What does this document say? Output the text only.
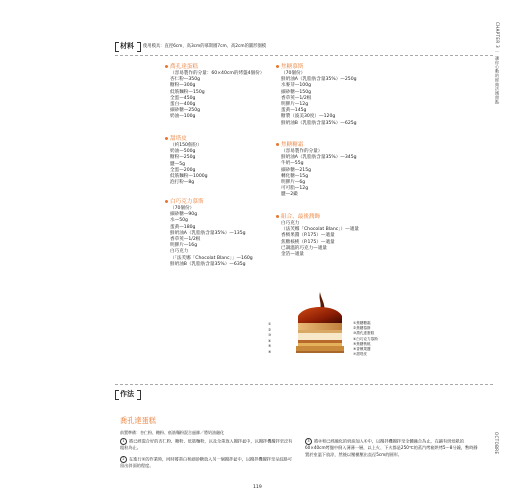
材料 使用模具：直徑6cm、高3cm的慕斯圈7cm、高2cm的圓形圈模	CHAPTER 3 ｜ 讓你心動的經典法國甜點
OCTOBRE
喬孔達蛋糕
（容易製作的分量：60×40cm的烤盤4個份）
杏仁粉—350g
糖粉—300g
低筋麵粉—150g
全蛋—450g
蛋白—400g
細砂糖—250g
奶油—100g
甜塔皮
（約150個份）
奶油—500g
糖粉—250g
鹽—5g
全蛋—200g
低筋麵粉—1000g
泡打粉—8g
白巧克力慕斯
（70個份）
細砂糖—90g
水—50g
蛋黃—180g
鮮奶油A（乳脂肪含量35%）—135g
香草莢—1/2根
明膠片—16g
白巧克力
（「法芙娜「Chocolat Blanc」」—160g
鮮奶油B（乳脂肪含量35%）—635g
焦糖慕斯
（70個份）
鮮奶油A（乳脂肪含量35%）—250g
水麥芽—100g
細砂糖—150g
香草莢—1/2根
明膠片—12g
蛋黃—145g
糖漿（波美30度）—120g
鮮奶油B（乳脂肪含量35%）—625g
焦糖糖霜
（容易製作的分量）
鮮奶油A（乳脂肪含量35%）—345g
牛奶—55g
細砂糖—215g
轉化糖—15g
明膠片—6g
可可脂—12g
鹽—2撮
組合、最後潤飾
白巧克力
（法芙娜「Chocolat Blanc」）—適量
香檳果醬（P.175）—適量
焦糖核桃（P.175）—適量
已調溫的巧克力—適量
金箔—適量
①
②
③
④
⑤
⑥
①焦糖糖霜
②焦糖慕斯
③喬孔達蛋糕
④白巧克力慕斯
⑤焦糖核桃
⑥香檳果醬
⑦甜塔皮
作法
喬孔達蛋糕
前置準備：杏仁粉、糖粉、低筋麵粉混合過篩／將奶油融化
1 將已經混合好的杏仁粉、糖粉、低筋麵粉，以及全蛋放入攪拌盆中，以攪拌機攪拌至泛有粗粒為止。
2 在進行①的作業時，同時將蛋白和細砂糖放入另一個攪拌盆中，以攪拌機攪拌至呈紋路可留出斜面的程度。
3 將②和已經融化的奶油加入①中，以攪拌機攪拌至全體融合為止，在鋪有烘焙紙的60×40cm烤盤中倒入薄薄一層，以上火、下火都是250℃的蒸汽烤箱烘烤5～8分鐘，暫時靜置於室溫下放涼，然後以壓模壓出直徑5cm的圓形。
119
